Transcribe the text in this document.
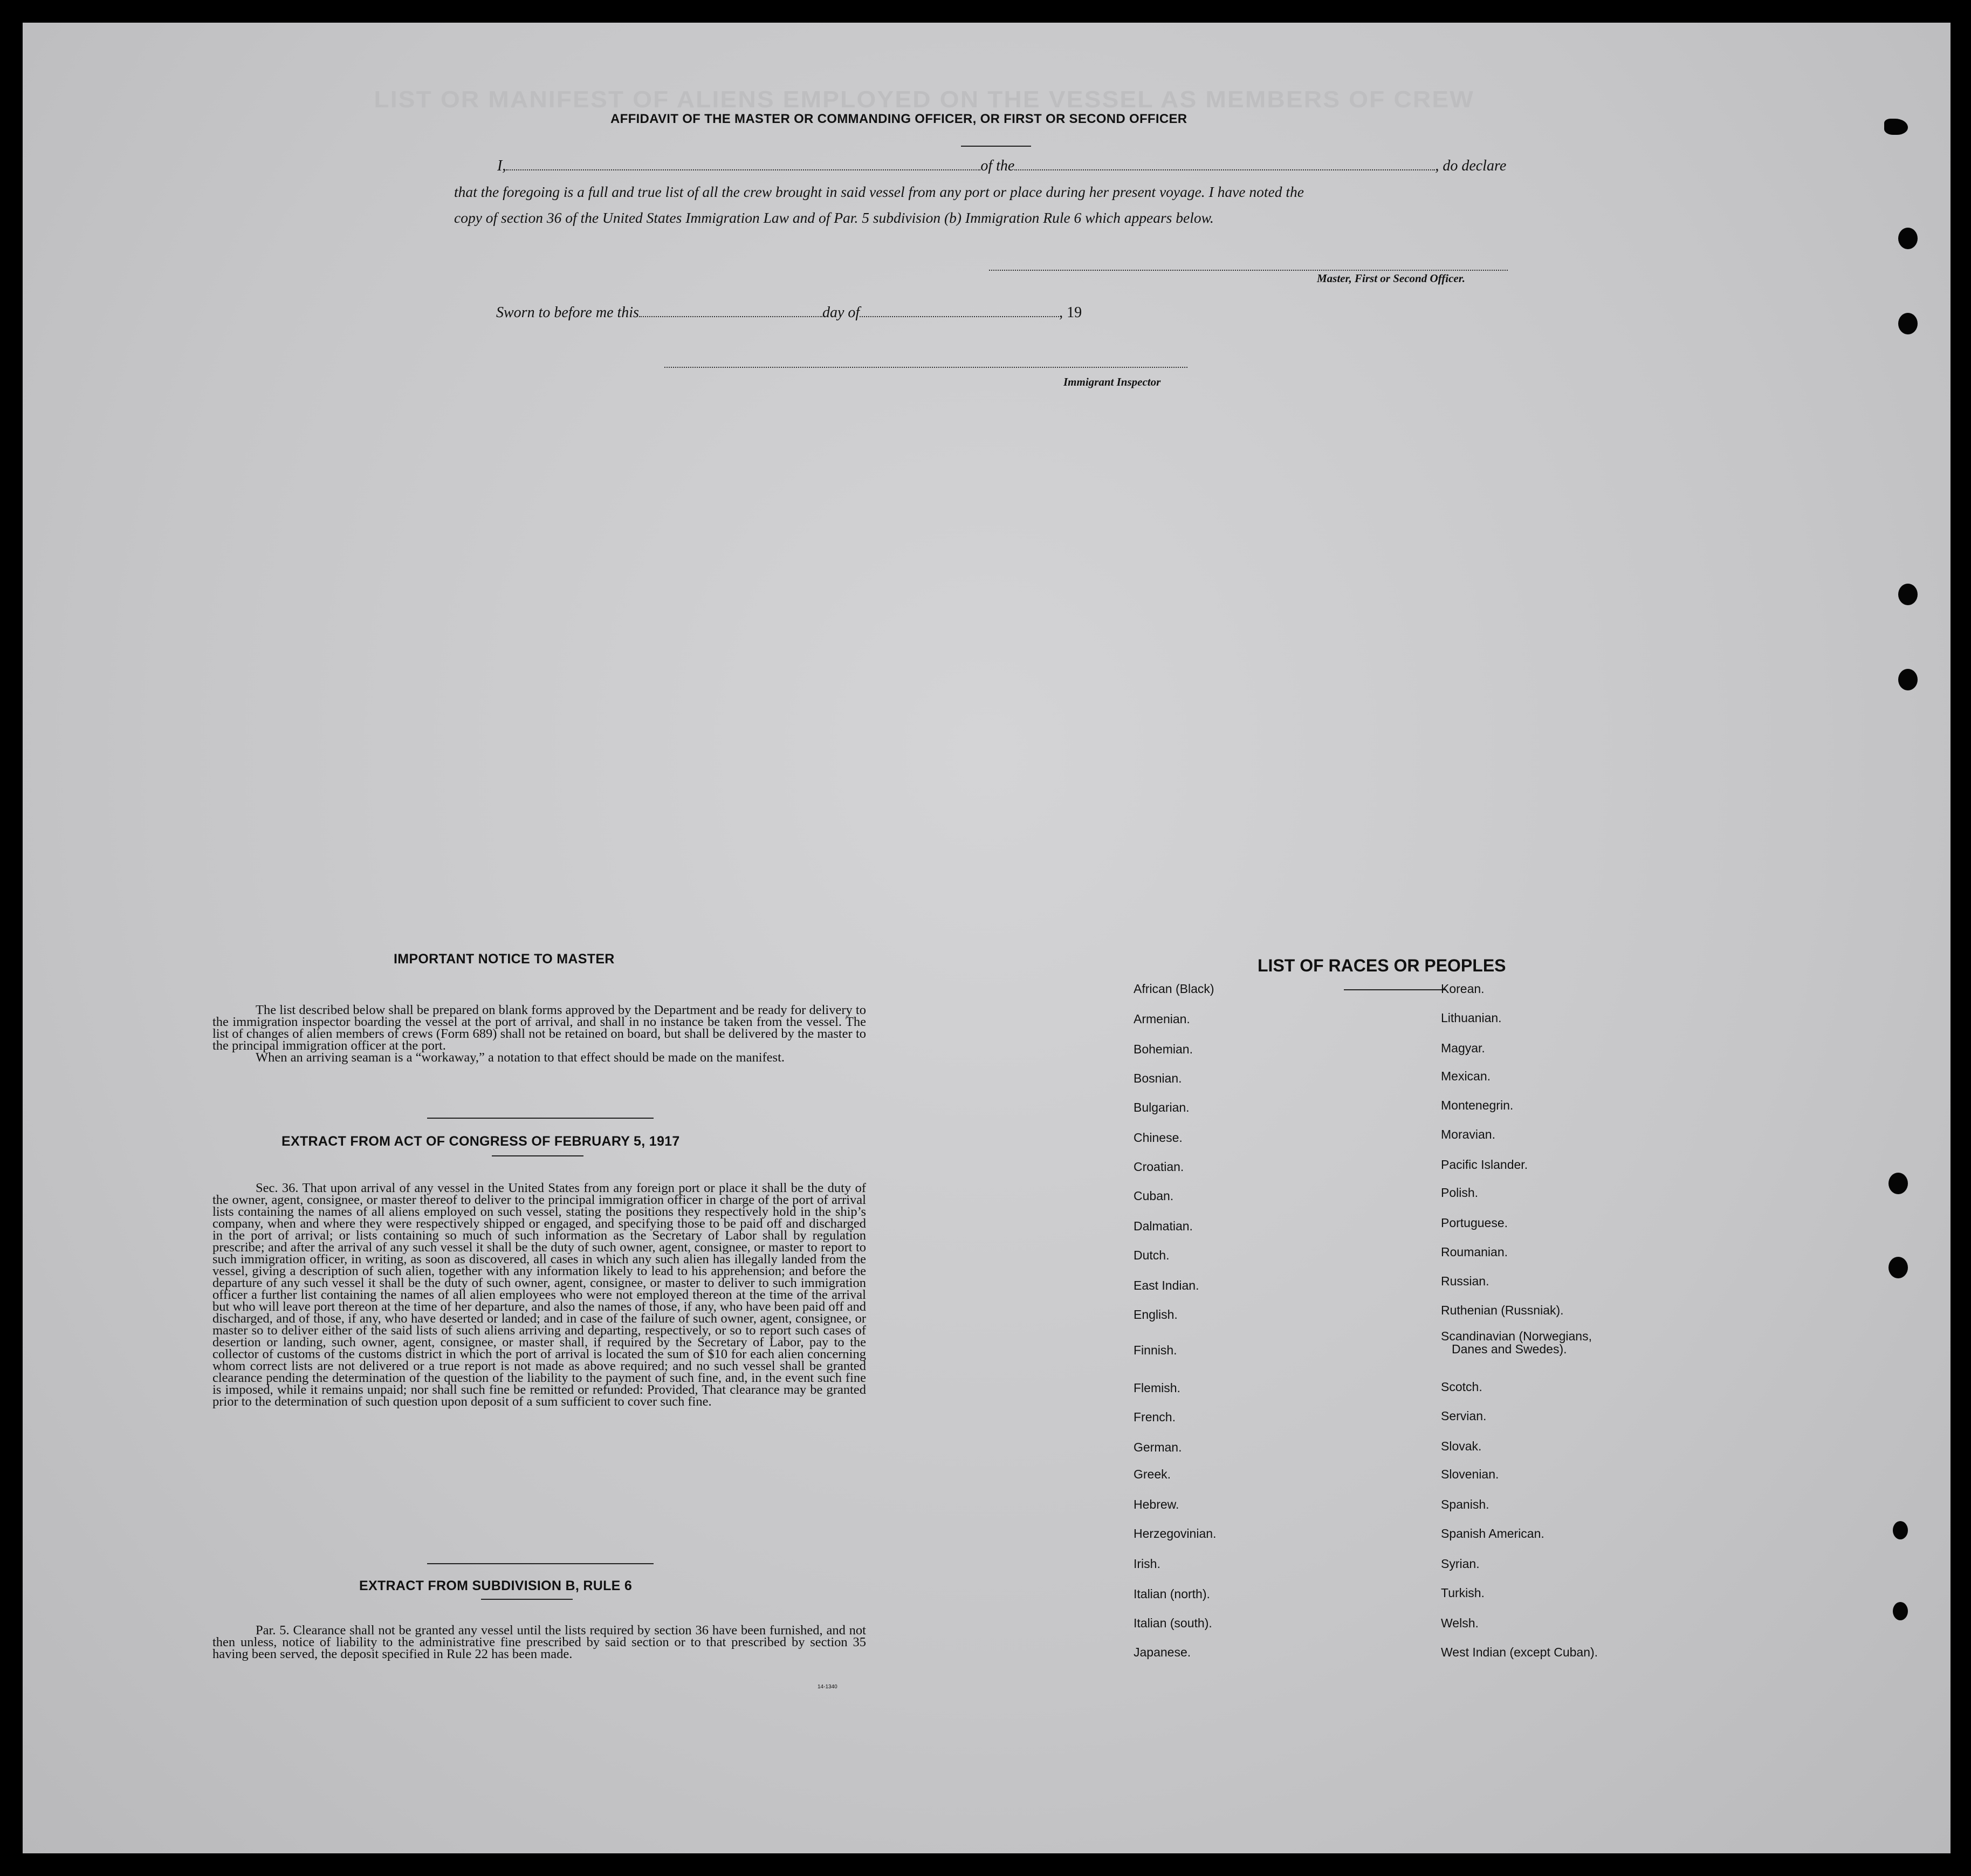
LIST OR MANIFEST OF ALIENS EMPLOYED ON THE VESSEL AS MEMBERS OF CREW
AFFIDAVIT OF THE MASTER OR COMMANDING OFFICER, OR FIRST OR SECOND OFFICER
I,	of the	, do declare
that the foregoing is a full and true list of all the crew brought in said vessel from any port or place during her present voyage. I have noted the
copy of section 36 of the United States Immigration Law and of Par. 5 subdivision (b) Immigration Rule 6 which appears below.
Master, First or Second Officer.
Sworn to before me this	day of	, 19
Immigrant Inspector
IMPORTANT NOTICE TO MASTER
The list described below shall be prepared on blank forms approved by the Department and be ready for delivery to the immigration inspector boarding the vessel at the port of arrival, and shall in no instance be taken from the vessel. The list of changes of alien members of crews (Form 689) shall not be retained on board, but shall be delivered by the master to the principal immigration officer at the port.
When an arriving seaman is a “workaway,” a notation to that effect should be made on the manifest.
EXTRACT FROM ACT OF CONGRESS OF FEBRUARY 5, 1917
Sec. 36. That upon arrival of any vessel in the United States from any foreign port or place it shall be the duty of the owner, agent, consignee, or master thereof to deliver to the principal immigration officer in charge of the port of arrival lists containing the names of all aliens employed on such vessel, stating the positions they respectively hold in the ship’s company, when and where they were respectively shipped or engaged, and specifying those to be paid off and discharged in the port of arrival; or lists containing so much of such information as the Secretary of Labor shall by regulation prescribe; and after the arrival of any such vessel it shall be the duty of such owner, agent, consignee, or master to report to such immigration officer, in writing, as soon as discovered, all cases in which any such alien has illegally landed from the vessel, giving a description of such alien, together with any information likely to lead to his apprehension; and before the departure of any such vessel it shall be the duty of such owner, agent, consignee, or master to deliver to such immigration officer a further list containing the names of all alien employees who were not employed thereon at the time of the arrival but who will leave port thereon at the time of her departure, and also the names of those, if any, who have been paid off and discharged, and of those, if any, who have deserted or landed; and in case of the failure of such owner, agent, consignee, or master so to deliver either of the said lists of such aliens arriving and departing, respectively, or so to report such cases of desertion or landing, such owner, agent, consignee, or master shall, if required by the Secretary of Labor, pay to the collector of customs of the customs district in which the port of arrival is located the sum of $10 for each alien concerning whom correct lists are not delivered or a true report is not made as above required; and no such vessel shall be granted clearance pending the determination of the question of the liability to the payment of such fine, and, in the event such fine is imposed, while it remains unpaid; nor shall such fine be remitted or refunded: Provided, That clearance may be granted prior to the determination of such question upon deposit of a sum sufficient to cover such fine.
EXTRACT FROM SUBDIVISION B, RULE 6
Par. 5. Clearance shall not be granted any vessel until the lists required by section 36 have been furnished, and not then unless, notice of liability to the administrative fine prescribed by said section or to that prescribed by section 35 having been served, the deposit specified in Rule 22 has been made.
14-1340
LIST OF RACES OR PEOPLES
African (Black)
Armenian.
Bohemian.
Bosnian.
Bulgarian.
Chinese.
Croatian.
Cuban.
Dalmatian.
Dutch.
East Indian.
English.
Finnish.
Flemish.
French.
German.
Greek.
Hebrew.
Herzegovinian.
Irish.
Italian (north).
Italian (south).
Japanese.
Korean.
Lithuanian.
Magyar.
Mexican.
Montenegrin.
Moravian.
Pacific Islander.
Polish.
Portuguese.
Roumanian.
Russian.
Ruthenian (Russniak).
Scandinavian (Norwegians,
Danes and Swedes).
Scotch.
Servian.
Slovak.
Slovenian.
Spanish.
Spanish American.
Syrian.
Turkish.
Welsh.
West Indian (except Cuban).
